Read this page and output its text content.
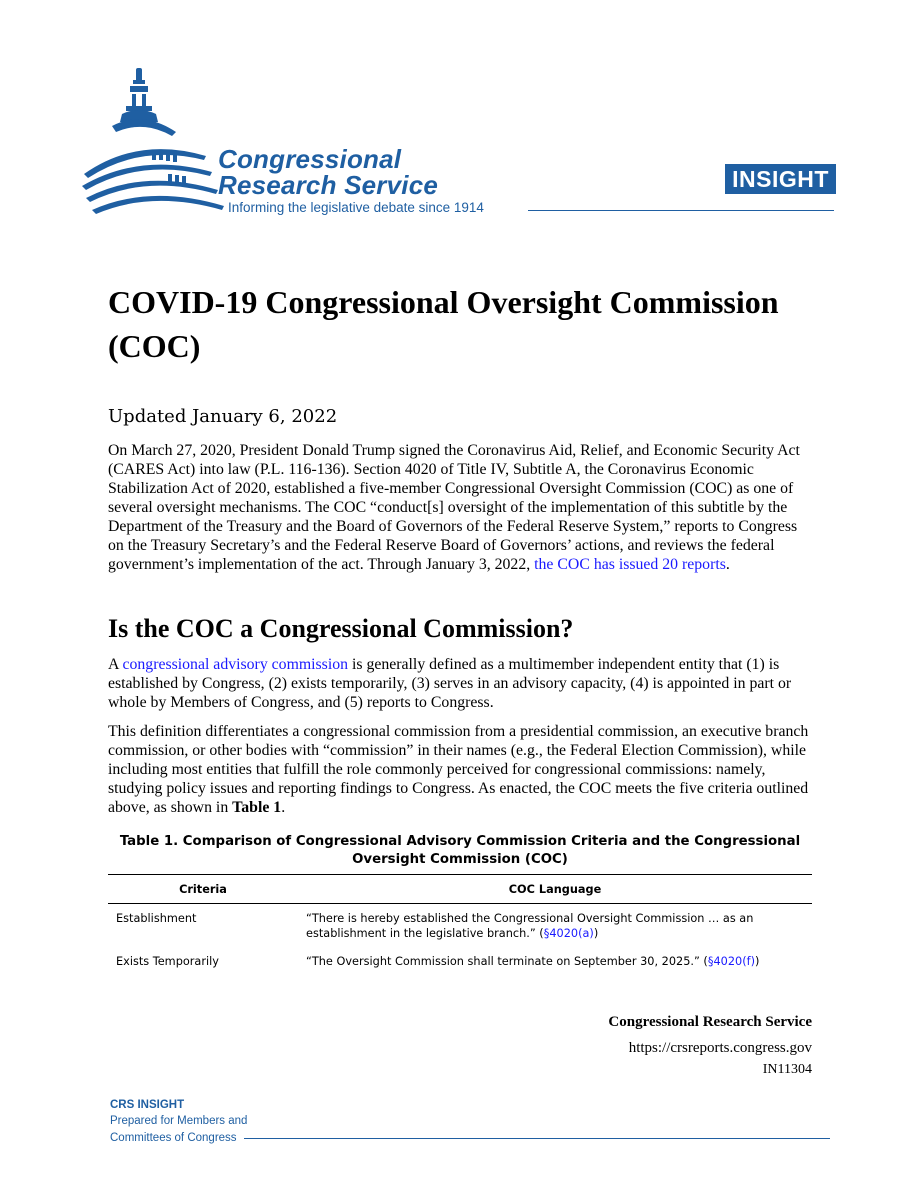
Congressional
Research Service
Informing the legislative debate since 1914
INSIGHT
COVID-19 Congressional Oversight Commission (COC)
Updated January 6, 2022

On March 27, 2020, President Donald Trump signed the Coronavirus Aid, Relief, and Economic Security Act (CARES Act) into law (P.L. 116-136). Section 4020 of Title IV, Subtitle A, the Coronavirus Economic Stabilization Act of 2020, established a five-member Congressional Oversight Commission (COC) as one of several oversight mechanisms. The COC “conduct[s] oversight of the implementation of this subtitle by the Department of the Treasury and the Board of Governors of the Federal Reserve System,” reports to Congress on the Treasury Secretary’s and the Federal Reserve Board of Governors’ actions, and reviews the federal government’s implementation of the act. Through January 3, 2022, the COC has issued 20 reports.

Is the COC a Congressional Commission?

A congressional advisory commission is generally defined as a multimember independent entity that (1) is established by Congress, (2) exists temporarily, (3) serves in an advisory capacity, (4) is appointed in part or whole by Members of Congress, and (5) reports to Congress.

This definition differentiates a congressional commission from a presidential commission, an executive branch commission, or other bodies with “commission” in their names (e.g., the Federal Election Commission), while including most entities that fulfill the role commonly perceived for congressional commissions: namely, studying policy issues and reporting findings to Congress. As enacted, the COC meets the five criteria outlined above, as shown in Table 1.

Table 1. Comparison of Congressional Advisory Commission Criteria and the Congressional Oversight Commission (COC)
Criteria	COC Language
Establishment	“There is hereby established the Congressional Oversight Commission … as an establishment in the legislative branch.” (§4020(a))
Exists Temporarily	“The Oversight Commission shall terminate on September 30, 2025.” (§4020(f))
Congressional Research Service
https://crsreports.congress.gov
IN11304
CRS INSIGHT
Prepared for Members and
Committees of Congress
